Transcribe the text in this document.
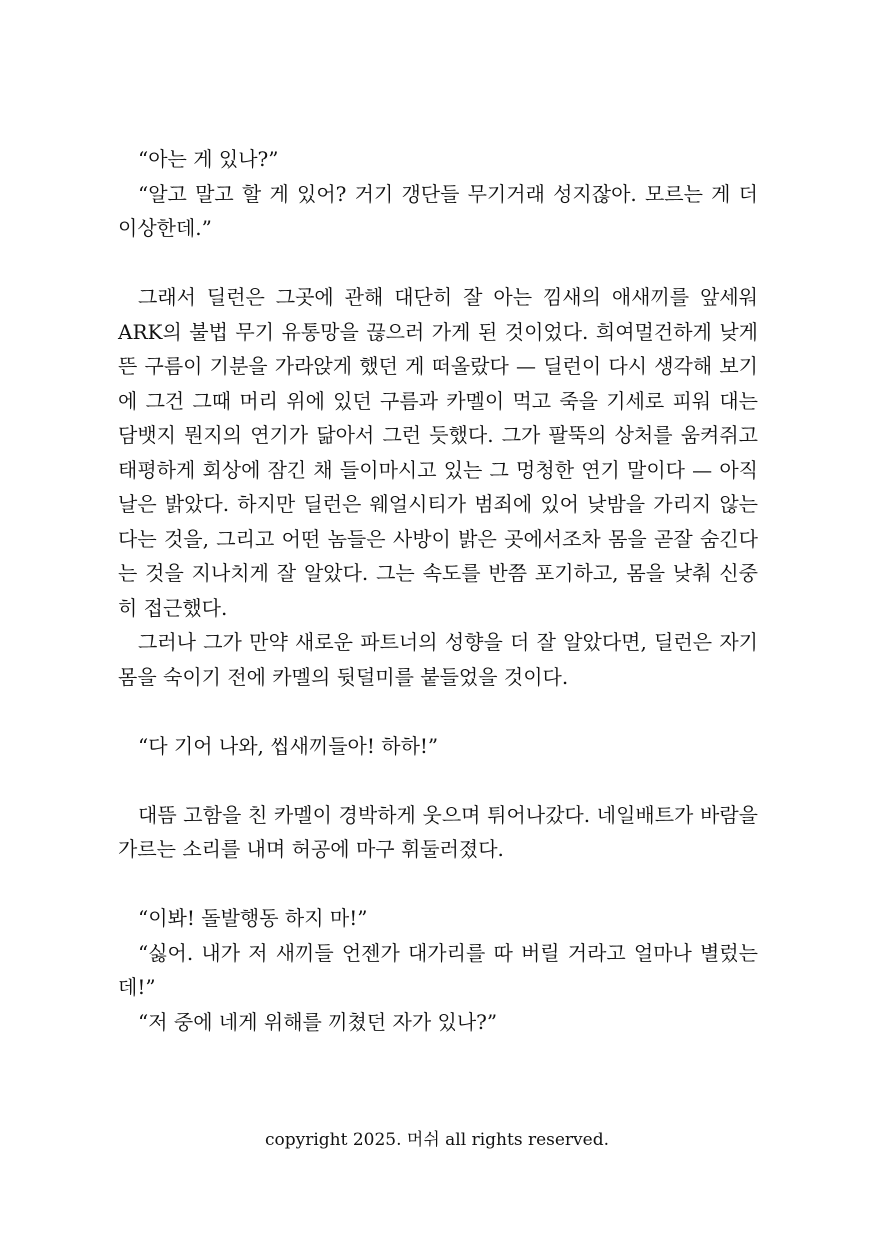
“아는 게 있나?”

“알고 말고 할 게 있어? 거기 갱단들 무기거래 성지잖아. 모르는 게 더 이상한데.”

그래서 딜런은 그곳에 관해 대단히 잘 아는 낌새의 애새끼를 앞세워 ARK의 불법 무기 유통망을 끊으러 가게 된 것이었다. 희여멀건하게 낮게 뜬 구름이 기분을 가라앉게 했던 게 떠올랐다 — 딜런이 다시 생각해 보기에 그건 그때 머리 위에 있던 구름과 카멜이 먹고 죽을 기세로 피워 대는 담뱃지 뭔지의 연기가 닮아서 그런 듯했다. 그가 팔뚝의 상처를 움켜쥐고 태평하게 회상에 잠긴 채 들이마시고 있는 그 멍청한 연기 말이다 — 아직 날은 밝았다. 하지만 딜런은 웨얼시티가 범죄에 있어 낮밤을 가리지 않는다는 것을, 그리고 어떤 놈들은 사방이 밝은 곳에서조차 몸을 곧잘 숨긴다는 것을 지나치게 잘 알았다. 그는 속도를 반쯤 포기하고, 몸을 낮춰 신중히 접근했다.

그러나 그가 만약 새로운 파트너의 성향을 더 잘 알았다면, 딜런은 자기 몸을 숙이기 전에 카멜의 뒷덜미를 붙들었을 것이다.

“다 기어 나와, 씹새끼들아! 하하!”

대뜸 고함을 친 카멜이 경박하게 웃으며 튀어나갔다. 네일배트가 바람을 가르는 소리를 내며 허공에 마구 휘둘러졌다.

“이봐! 돌발행동 하지 마!”

“싫어. 내가 저 새끼들 언젠가 대가리를 따 버릴 거라고 얼마나 별렀는데!”

“저 중에 네게 위해를 끼쳤던 자가 있나?”

copyright 2025. 머쉬 all rights reserved.
